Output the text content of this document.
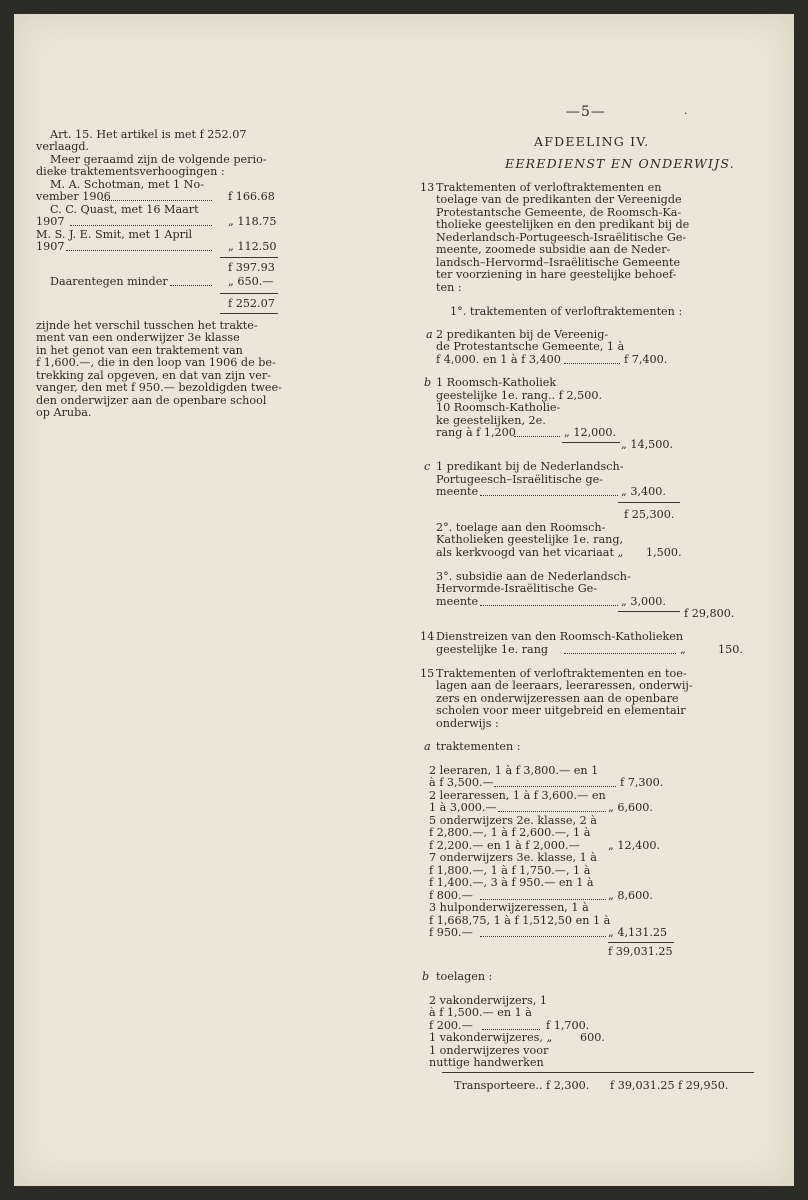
—5—	·
Art. 15. Het artikel is met f 252.07
verlaagd.
Meer geraamd zijn de volgende perio-
dieke traktementsverhoogingen :
M. A. Schotman, met 1 No-
vember 1906	f 166.68
C. C. Quast, met 16 Maart
1907	„ 118.75
M. S. J. E. Smit, met 1 April
1907	„ 112.50
f 397.93
Daarentegen minder	„ 650.—
f 252.07
zijnde het verschil tusschen het trakte-
ment van een onderwijzer 3e klasse
in het genot van een traktement van
f 1,600.—, die in den loop van 1906 de be-
trekking zal opgeven, en dat van zijn ver-
vanger, den met f 950.— bezoldigden twee-
den onderwijzer aan de openbare school
op Aruba.
AFDEELING IV.
EEREDIENST EN ONDERWIJS.
13 Traktementen of verloftraktementen en
toelage van de predikanten der Vereenigde
Protestantsche Gemeente, de Roomsch-Ka-
tholieke geestelijken en den predikant bij de
Nederlandsch-Portugeesch-Israëlitische Ge-
meente, zoomede subsidie aan de Neder-
landsch–Hervormd–Israëlitische Gemeente
ter voorziening in hare geestelijke behoef-
ten :
1°. traktementen of verloftraktementen :
a 2 predikanten bij de Vereenig-
de Protestantsche Gemeente, 1 à
f 4,000. en 1 à f 3,400	f 7,400.
b 1 Roomsch-Katholiek
geestelijke 1e. rang.. f 2,500.
10 Roomsch-Katholie-
ke geestelijken, 2e.
rang à f 1,200	„ 12,000.
„ 14,500.
c 1 predikant bij de Nederlandsch-
Portugeesch–Israëlitische ge-
meente	„ 3,400.
f 25,300.
2°. toelage aan den Roomsch-
Katholieken geestelijke 1e. rang,
als kerkvoogd van het vicariaat „ 1,500.
3°. subsidie aan de Nederlandsch-
Hervormde-Israëlitische Ge-
meente	„ 3,000.
f 29,800.
14 Dienstreizen van den Roomsch-Katholieken
geestelijke 1e. rang	„	150.
15 Traktementen of verloftraktementen en toe-
lagen aan de leeraars, leeraressen, onderwij-
zers en onderwijzeressen aan de openbare
scholen voor meer uitgebreid en elementair
onderwijs :
a traktementen :
2 leeraren, 1 à f 3,800.— en 1
à f 3,500.—	f 7,300.
2 leeraressen, 1 à f 3,600.— en
1 à 3,000.—	„ 6,600.
5 onderwijzers 2e. klasse, 2 à
f 2,800.—, 1 à f 2,600.—, 1 à
f 2,200.— en 1 à f 2,000.—	„ 12,400.
7 onderwijzers 3e. klasse, 1 à
f 1,800.—, 1 à f 1,750.—, 1 à
f 1,400.—, 3 à f 950.— en 1 à
f 800.—	„ 8,600.
3 hulponderwijzeressen, 1 à
f 1,668,75, 1 à f 1,512,50 en 1 à
f 950.—	„ 4,131.25
f 39,031.25
b toelagen :
2 vakonderwijzers, 1
à f 1,500.— en 1 à
f 200.—	f 1,700.
1 vakonderwijzeres, „ 600.
1 onderwijzeres voor
nuttige handwerken
Transporteere.. f 2,300. f 39,031.25 f 29,950.
